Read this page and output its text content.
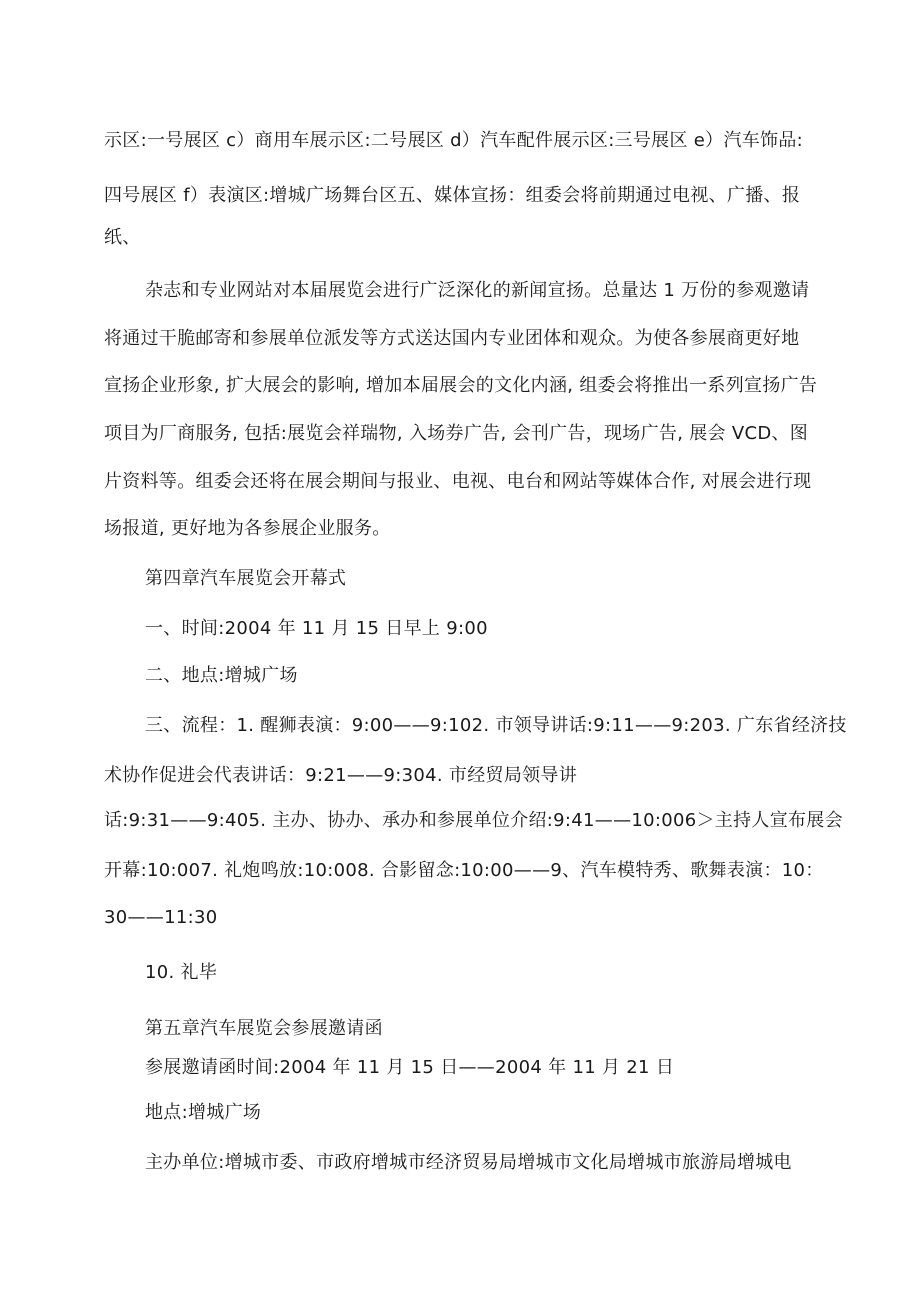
示区:一号展区 c）商用车展示区:二号展区 d）汽车配件展示区:三号展区 e）汽车饰品:
四号展区 f）表演区:增城广场舞台区五、媒体宣扬：组委会将前期通过电视、广播、报
纸、
杂志和专业网站对本届展览会进行广泛深化的新闻宣扬。总量达 1 万份的参观邀请
将通过干脆邮寄和参展单位派发等方式送达国内专业团体和观众。为使各参展商更好地
宣扬企业形象, 扩大展会的影响, 增加本届展会的文化内涵, 组委会将推出一系列宣扬广告
项目为厂商服务, 包括:展览会祥瑞物, 入场券广告, 会刊广告，现场广告, 展会 VCD、图
片资料等。组委会还将在展会期间与报业、电视、电台和网站等媒体合作, 对展会进行现
场报道, 更好地为各参展企业服务。
第四章汽车展览会开幕式
一、时间:2004 年 11 月 15 日早上 9:00
二、地点:增城广场
三、流程：1. 醒狮表演：9:00——9:102. 市领导讲话:9:11——9:203. 广东省经济技
术协作促进会代表讲话：9:21——9:304. 市经贸局领导讲
话:9:31——9:405. 主办、协办、承办和参展单位介绍:9:41——10:006＞主持人宣布展会
开幕:10:007. 礼炮鸣放:10:008. 合影留念:10:00——9、汽车模特秀、歌舞表演：10：
30——11:30
10. 礼毕
第五章汽车展览会参展邀请函
参展邀请函时间:2004 年 11 月 15 日——2004 年 11 月 21 日
地点:增城广场
主办单位:增城市委、市政府增城市经济贸易局增城市文化局增城市旅游局增城电
